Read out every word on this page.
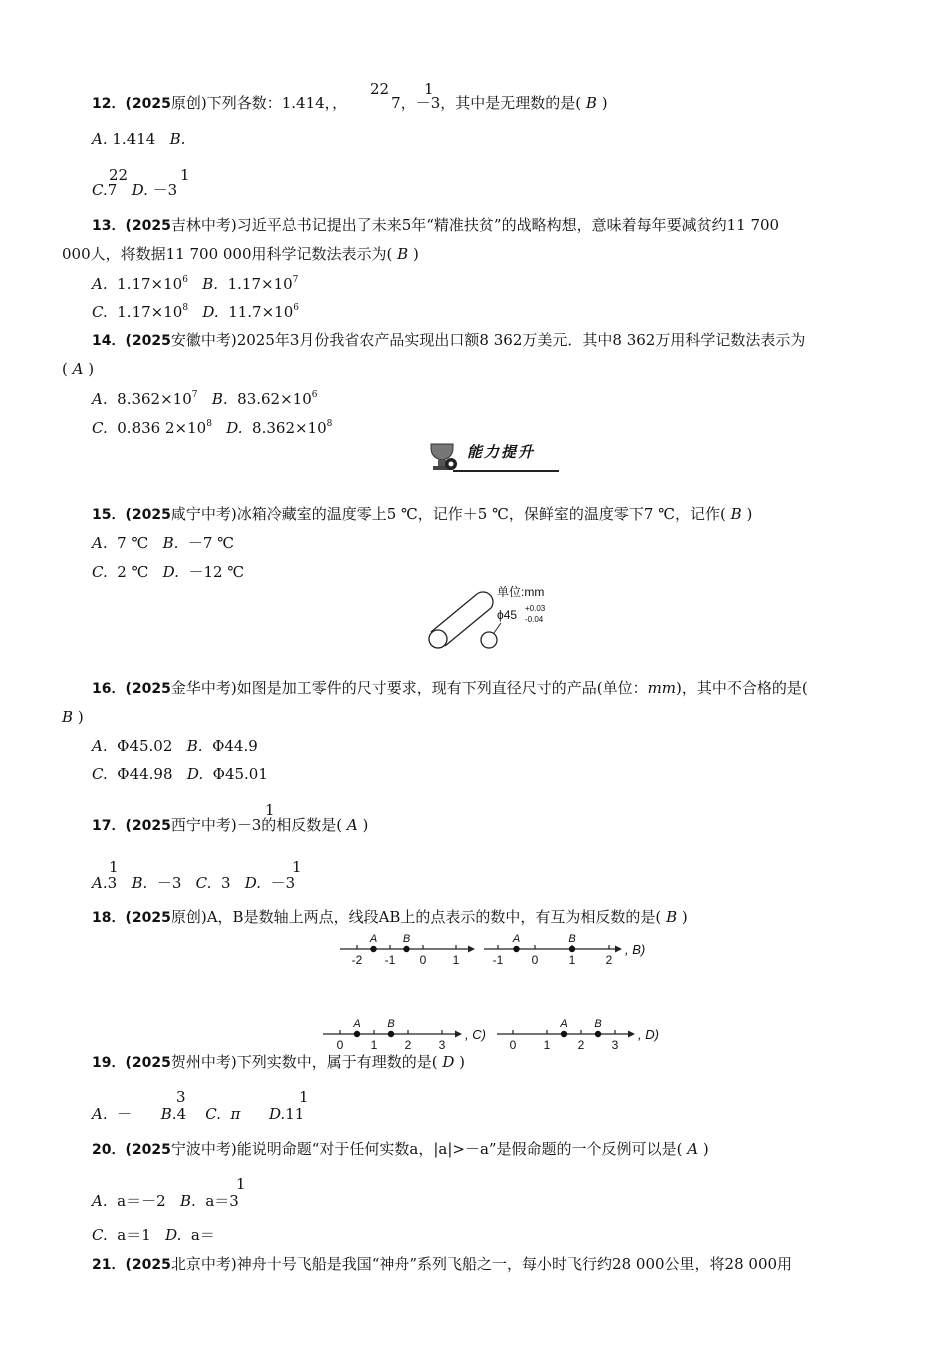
22 1
12．(2025原创)下列各数：1.414，，	7，－3，其中是无理数的是( B )
A. 1.414 B.
22	1
C.7 D. －3
13．(2025吉林中考)习近平总书记提出了未来5年“精准扶贫”的战略构想，意味着每年要减贫约11 700
000人，将数据11 700 000用科学记数法表示为( B )
A. $1.17\times 10^6$ B. $1.17\times 10^7$
C. $1.17\times 10^8$ D. $11.7\times 10^6$
14．(2025安徽中考)2025年3月份我省农产品实现出口额8 362万美元．其中8 362万用科学记数法表示为
( A )
A. $8.362\times 10^7$ B. $83.62\times 10^6$
C. 0.836 $2\times 10^8$ D. $8.362\times 10^8$
能力提升
15．(2025咸宁中考)冰箱冷藏室的温度零上5 ℃，记作＋5 ℃，保鲜室的温度零下7 ℃，记作( B )
A. 7 ℃ B. －7 ℃
C. 2 ℃ D. －12 ℃
单位:mm
ϕ45 +0.03
-0.04
16．(2025金华中考)如图是加工零件的尺寸要求，现有下列直径尺寸的产品(单位：mm)，其中不合格的是(
B )
A. Φ45.02 B. Φ44.9
C. Φ44.98 D. Φ45.01
1
17．(2025西宁中考)－3的相反数是( A )
1	1
A.3 B. －3 C. 3 D. －3
18．(2025原创)A，B是数轴上两点，线段AB上的点表示的数中，有互为相反数的是( B )
-2 -1 0 1
A B
-1 0	1	2
A	B
, B)
0 1 2 3
A B
, C)
0 1 2 3
A B
, D)
19．(2025贺州中考)下列实数中，属于有理数的是( D )
3	1
A. － B.4 C. π D.11
20．(2025宁波中考)能说明命题“对于任何实数a，|a|>－a”是假命题的一个反例可以是( A )
1
A. a＝－2 B. a＝3
C. a＝1 D. a＝
21．(2025北京中考)神舟十号飞船是我国“神舟”系列飞船之一，每小时飞行约28 000公里，将28 000用
